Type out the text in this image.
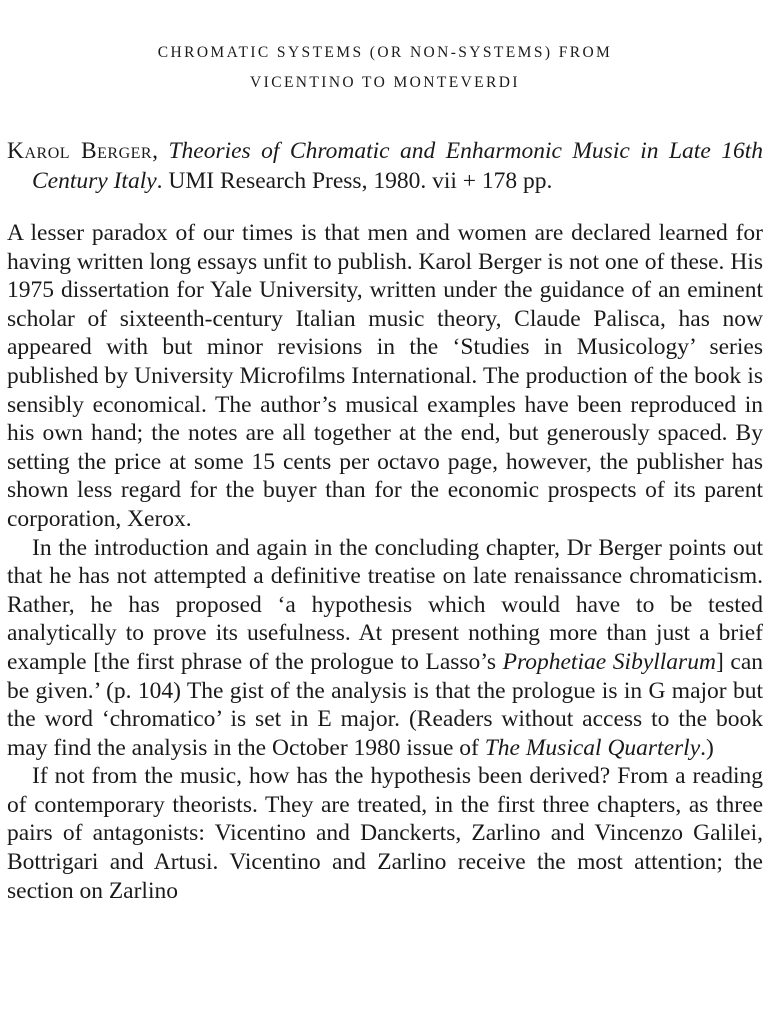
CHROMATIC SYSTEMS (OR NON-SYSTEMS) FROM
VICENTINO TO MONTEVERDI
Karol Berger, Theories of Chromatic and Enharmonic Music in Late 16th Century Italy. UMI Research Press, 1980. vii + 178 pp.

A lesser paradox of our times is that men and women are declared learned for having written long essays unfit to publish. Karol Berger is not one of these. His 1975 dissertation for Yale University, written under the guidance of an eminent scholar of sixteenth-century Italian music theory, Claude Palisca, has now appeared with but minor revisions in the ‘Studies in Musicology’ series published by University Microfilms International. The production of the book is sensibly economical. The author’s musical examples have been reproduced in his own hand; the notes are all together at the end, but generously spaced. By setting the price at some 15 cents per octavo page, however, the publisher has shown less regard for the buyer than for the economic prospects of its parent corporation, Xerox.

In the introduction and again in the concluding chapter, Dr Berger points out that he has not attempted a definitive treatise on late renaissance chromaticism. Rather, he has proposed ‘a hypothesis which would have to be tested analytically to prove its usefulness. At present nothing more than just a brief example [the first phrase of the prologue to Lasso’s Prophetiae Sibyllarum] can be given.’ (p. 104) The gist of the analysis is that the prologue is in G major but the word ‘chromatico’ is set in E major. (Readers without access to the book may find the analysis in the October 1980 issue of The Musical Quarterly.)

If not from the music, how has the hypothesis been derived? From a reading of contemporary theorists. They are treated, in the first three chapters, as three pairs of antagonists: Vicentino and Danckerts, Zarlino and Vincenzo Galilei, Bottrigari and Artusi. Vicentino and Zarlino receive the most attention; the section on Zarlino
